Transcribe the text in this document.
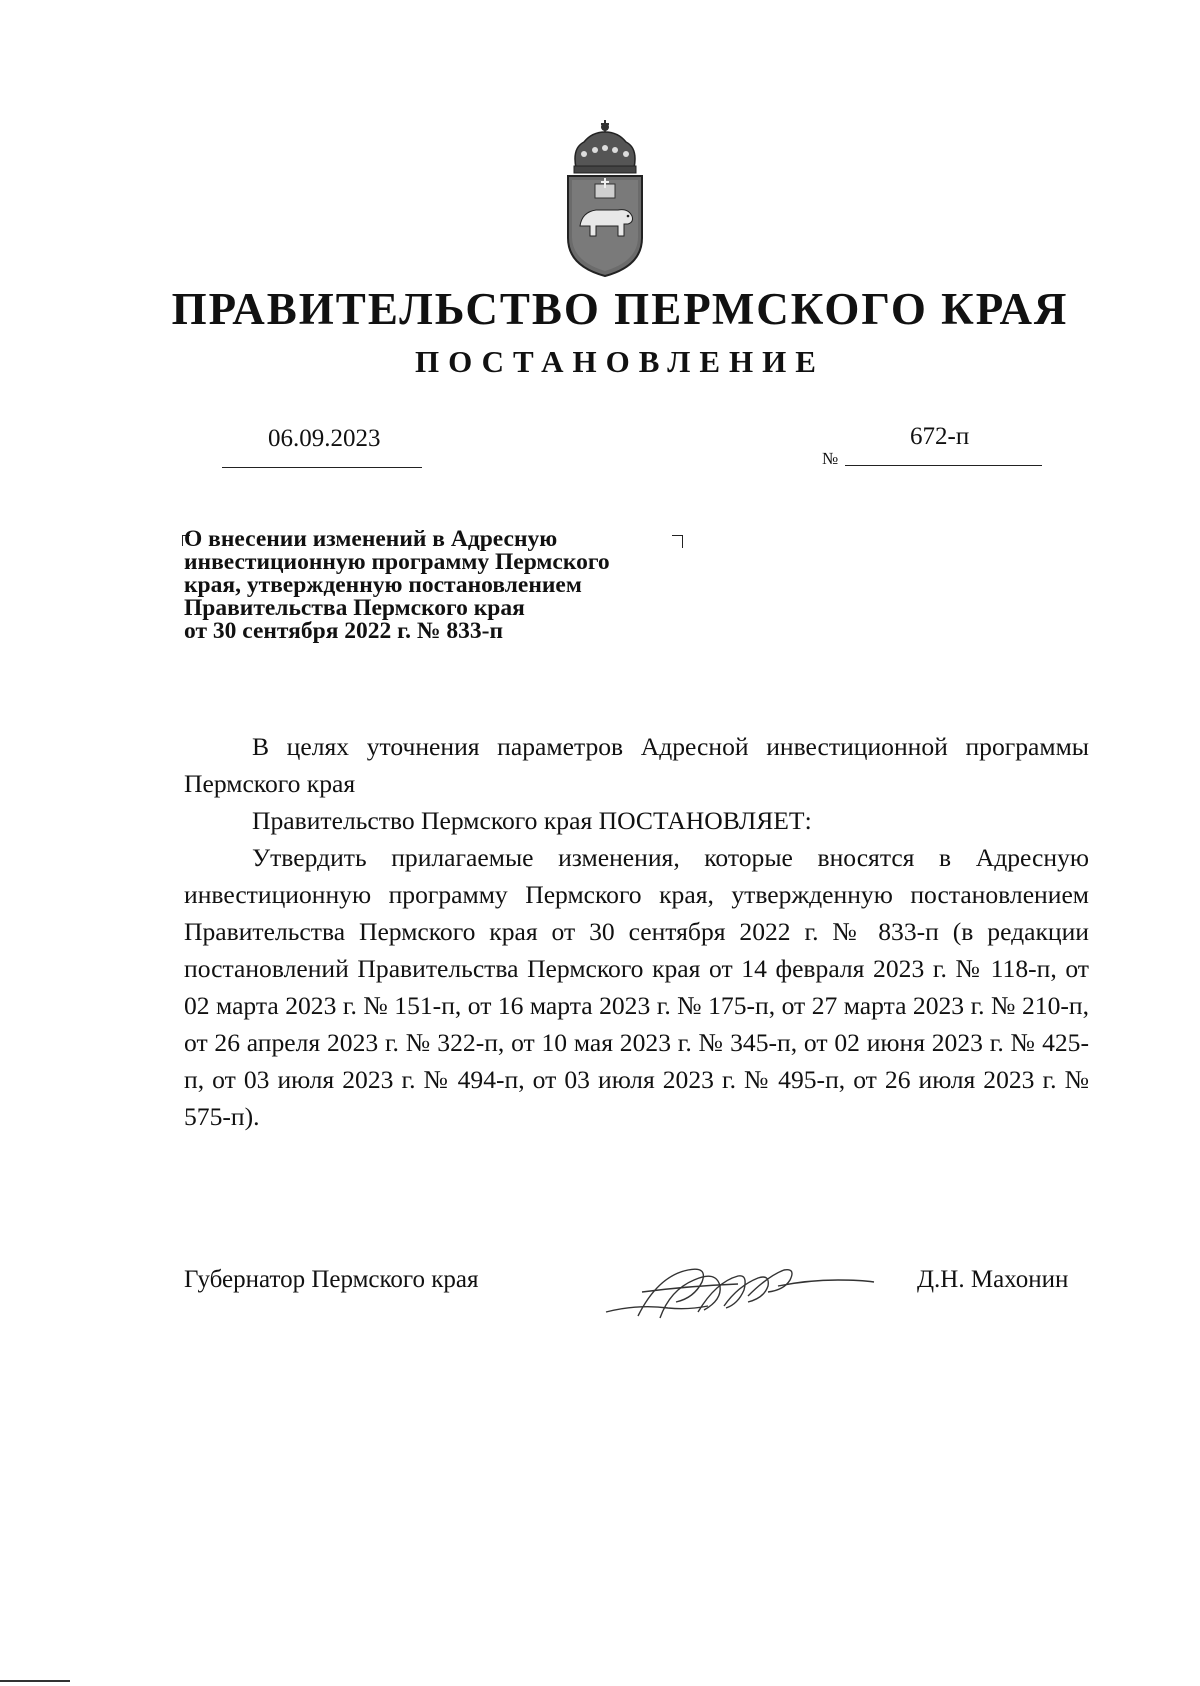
ПРАВИТЕЛЬСТВО ПЕРМСКОГО КРАЯ
ПОСТАНОВЛЕНИЕ
06.09.2023
№
672-п
О внесении изменений в Адресную
инвестиционную программу Пермского
края, утвержденную постановлением
Правительства Пермского края
от 30 сентября 2022 г. № 833-п

В целях уточнения параметров Адресной инвестиционной программы Пермского края

Правительство Пермского края ПОСТАНОВЛЯЕТ:

Утвердить прилагаемые изменения, которые вносятся в Адресную инвестиционную программу Пермского края, утвержденную постановлением Правительства Пермского края от 30 сентября 2022 г. № 833-п (в редакции постановлений Правительства Пермского края от 14 февраля 2023 г. № 118-п, от 02 марта 2023 г. № 151-п, от 16 марта 2023 г. № 175-п, от 27 марта 2023 г. № 210-п, от 26 апреля 2023 г. № 322-п, от 10 мая 2023 г. № 345-п, от 02 июня 2023 г. № 425-п, от 03 июля 2023 г. № 494-п, от 03 июля 2023 г. № 495-п, от 26 июля 2023 г. № 575-п).

Губернатор Пермского края	Д.Н. Махонин
